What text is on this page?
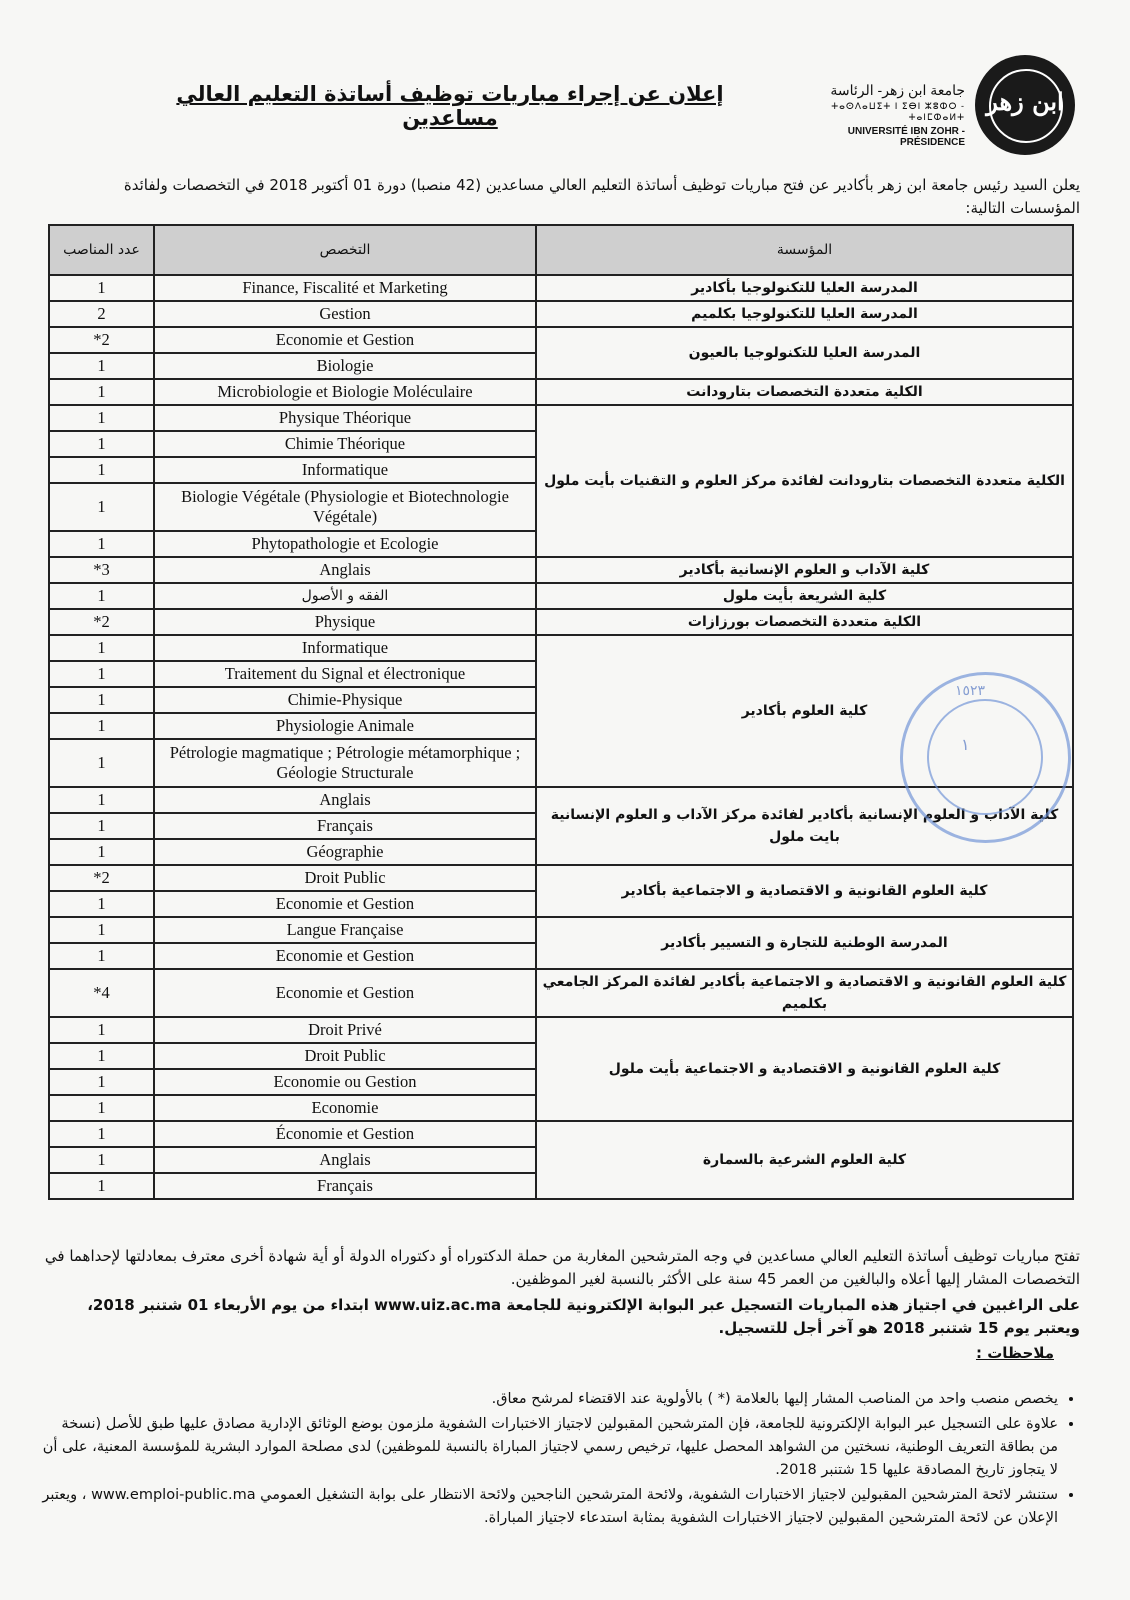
ابن زهر
جامعة ابن زهر- الرئاسة
ⵜⴰⵙⴷⴰⵡⵉⵜ ⵏ ⵉⴱⵏ ⵣⵓⵀⵔ - ⵜⴰⵏⵎⵀⴰⵍⵜ
UNIVERSITÉ IBN ZOHR - PRÉSIDENCE
إعلان عن إجراء مباريات توظيف أساتذة التعليم العالي مساعدين
يعلن السيد رئيس جامعة ابن زهر بأكادير عن فتح مباريات توظيف أساتذة التعليم العالي مساعدين (42 منصبا) دورة 01 أكتوبر 2018 في التخصصات ولفائدة المؤسسات التالية:
عدد المناصب	التخصص	المؤسسة
1	Finance, Fiscalité et Marketing	المدرسة العليا للتكنولوجيا بأكادير
2	Gestion	المدرسة العليا للتكنولوجيا بكلميم
*2	Economie et Gestion	المدرسة العليا للتكنولوجيا بالعيون
1	Biologie	
1	Microbiologie et Biologie Moléculaire	الكلية متعددة التخصصات بتارودانت
1	Physique Théorique	الكلية متعددة التخصصات بتارودانت لفائدة مركز العلوم و التقنيات بأيت ملول
1	Chimie Théorique	
1	Informatique	
1	Biologie Végétale (Physiologie et Biotechnologie Végétale)	
1	Phytopathologie et Ecologie	
*3	Anglais	كلية الآداب و العلوم الإنسانية بأكادير
1	الفقه و الأصول	كلية الشريعة بأيت ملول
*2	Physique	الكلية متعددة التخصصات بورزازات
1	Informatique	كلية العلوم بأكادير
1	Traitement du Signal et électronique	
1	Chimie-Physique	
1	Physiologie Animale	
1	Pétrologie magmatique ; Pétrologie métamorphique ; Géologie Structurale	
1	Anglais	كلية الآداب و العلوم الإنسانية بأكادير لفائدة مركز الآداب و العلوم الإنسانية بايت ملول
1	Français	
1	Géographie	
*2	Droit Public	كلية العلوم القانونية و الاقتصادية و الاجتماعية بأكادير
1	Economie et Gestion	
1	Langue Française	المدرسة الوطنية للتجارة و التسيير بأكادير
1	Economie et Gestion	
*4	Economie et Gestion	كلية العلوم القانونية و الاقتصادية و الاجتماعية بأكادير لفائدة المركز الجامعي بكلميم
1	Droit Privé	كلية العلوم القانونية و الاقتصادية و الاجتماعية بأيت ملول
1	Droit Public	
1	Economie ou Gestion	
1	Economie	
1	Économie et Gestion	كلية العلوم الشرعية بالسمارة
1	Anglais	
1	Français	
١٥٢٣
١
تفتح مباريات توظيف أساتذة التعليم العالي مساعدين في وجه المترشحين المغاربة من حملة الدكتوراه أو دكتوراه الدولة أو أية شهادة أخرى معترف بمعادلتها لإحداهما في التخصصات المشار إليها أعلاه والبالغين من العمر 45 سنة على الأكثر بالنسبة لغير الموظفين.
على الراغبين في اجتياز هذه المباريات التسجيل عبر البوابة الإلكترونية للجامعة www.uiz.ac.ma ابتداء من يوم الأربعاء 01 شتنبر 2018، ويعتبر يوم 15 شتنبر 2018 هو آخر أجل للتسجيل.
ملاحظات :
• يخصص منصب واحد من المناصب المشار إليها بالعلامة (* ) بالأولوية عند الاقتضاء لمرشح معاق.
• علاوة على التسجيل عبر البوابة الإلكترونية للجامعة، فإن المترشحين المقبولين لاجتياز الاختبارات الشفوية ملزمون بوضع الوثائق الإدارية مصادق عليها طبق للأصل (نسخة من بطاقة التعريف الوطنية، نسختين من الشواهد المحصل عليها، ترخيص رسمي لاجتياز المباراة بالنسبة للموظفين) لدى مصلحة الموارد البشرية للمؤسسة المعنية، على أن لا يتجاوز تاريخ المصادقة عليها 15 شتنبر 2018.
• ستنشر لائحة المترشحين المقبولين لاجتياز الاختبارات الشفوية، ولائحة المترشحين الناجحين ولائحة الانتظار على بوابة التشغيل العمومي www.emploi-public.ma ، ويعتبر الإعلان عن لائحة المترشحين المقبولين لاجتياز الاختبارات الشفوية بمثابة استدعاء لاجتياز المباراة.
